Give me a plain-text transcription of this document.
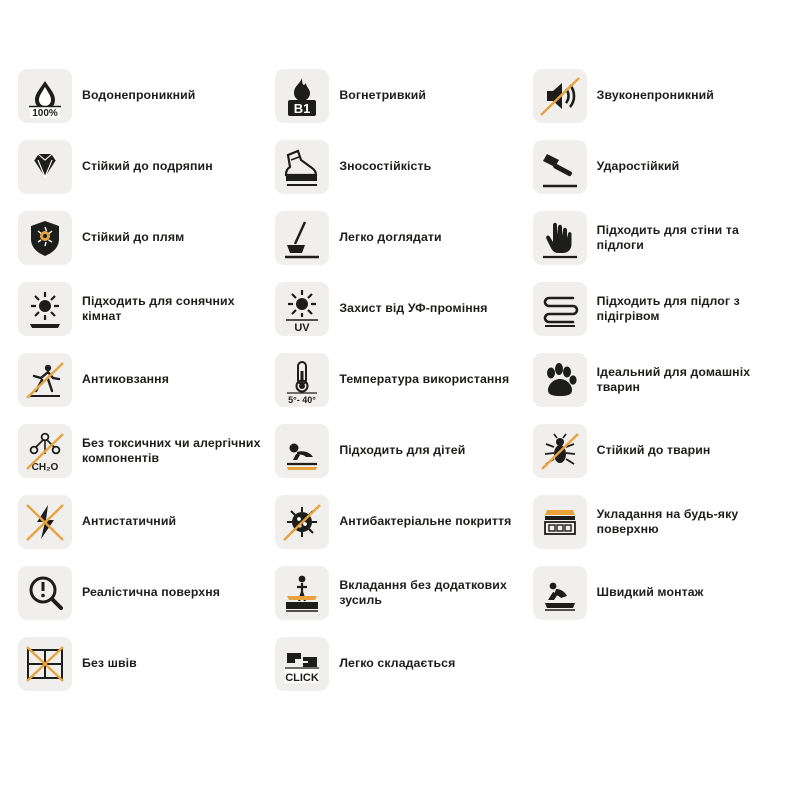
100%
Водонепроникний
B1
Вогнетривкий	Звуконепроникний
Стійкий до подряпин	Зносостійкість	Ударостійкий
Стійкий до плям	Легко доглядати
Підходить для стіни та підлоги
Підходить для сонячних кімнат
UV
Захист від УФ-проміння
Підходить для підлог з підігрівом
Антиковзання
5°- 40°
Температура використання
Ідеальний для домашніх тварин
CH₂O
Без токсичних чи алергічних компонентів
Підходить для дітей	Стійкий до тварин
Антистатичний	Антибактеріальне покриття
Укладання на будь-яку поверхню
Реалістична поверхня
Вкладання без додаткових зусиль
Швидкий монтаж
Без швів
CLICK
Легко складається
